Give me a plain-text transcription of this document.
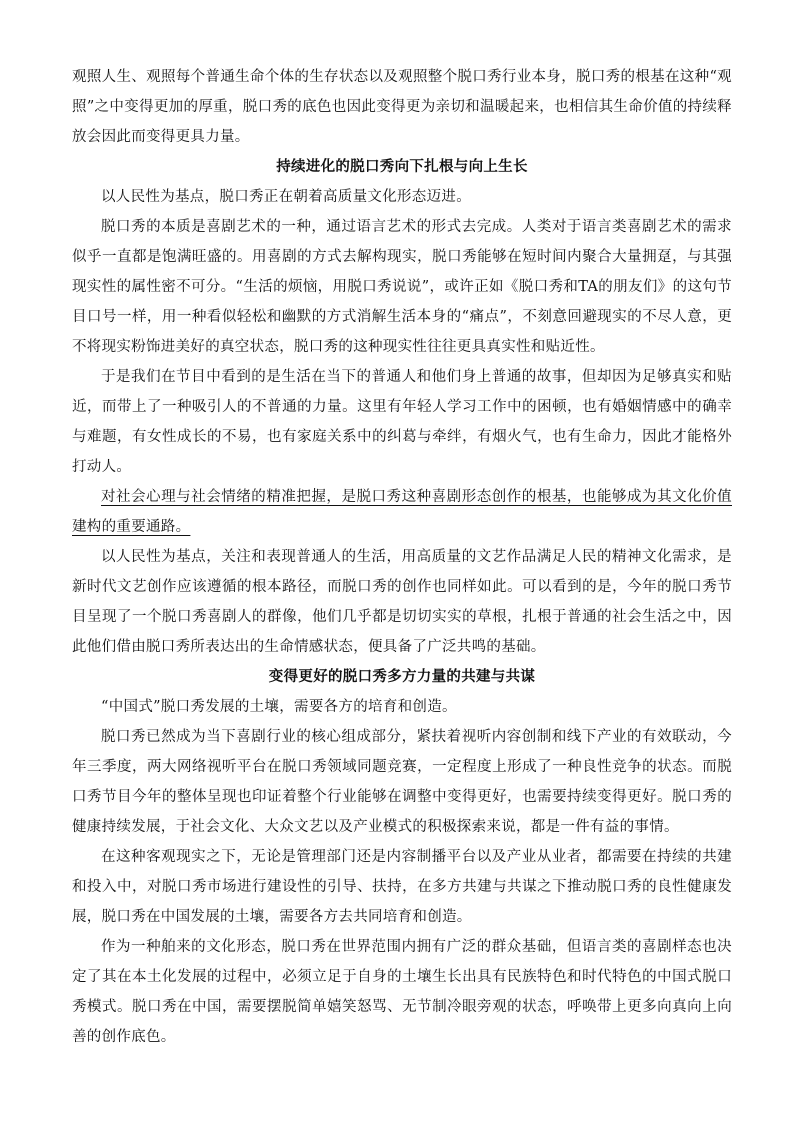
观照人生、观照每个普通生命个体的生存状态以及观照整个脱口秀行业本身，脱口秀的根基在这种“观照”之中变得更加的厚重，脱口秀的底色也因此变得更为亲切和温暖起来，也相信其生命价值的持续释放会因此而变得更具力量。

持续进化的脱口秀向下扎根与向上生长

以人民性为基点，脱口秀正在朝着高质量文化形态迈进。

脱口秀的本质是喜剧艺术的一种，通过语言艺术的形式去完成。人类对于语言类喜剧艺术的需求似乎一直都是饱满旺盛的。用喜剧的方式去解构现实，脱口秀能够在短时间内聚合大量拥趸，与其强现实性的属性密不可分。“生活的烦恼，用脱口秀说说”，或许正如《脱口秀和TA的朋友们》的这句节目口号一样，用一种看似轻松和幽默的方式消解生活本身的“痛点”，不刻意回避现实的不尽人意，更不将现实粉饰进美好的真空状态，脱口秀的这种现实性往往更具真实性和贴近性。

于是我们在节目中看到的是生活在当下的普通人和他们身上普通的故事，但却因为足够真实和贴近，而带上了一种吸引人的不普通的力量。这里有年轻人学习工作中的困顿，也有婚姻情感中的确幸与难题，有女性成长的不易，也有家庭关系中的纠葛与牵绊，有烟火气，也有生命力，因此才能格外打动人。

对社会心理与社会情绪的精准把握，是脱口秀这种喜剧形态创作的根基，也能够成为其文化价值建构的重要通路。

以人民性为基点，关注和表现普通人的生活，用高质量的文艺作品满足人民的精神文化需求，是新时代文艺创作应该遵循的根本路径，而脱口秀的创作也同样如此。可以看到的是，今年的脱口秀节目呈现了一个脱口秀喜剧人的群像，他们几乎都是切切实实的草根，扎根于普通的社会生活之中，因此他们借由脱口秀所表达出的生命情感状态，便具备了广泛共鸣的基础。

变得更好的脱口秀多方力量的共建与共谋

“中国式”脱口秀发展的土壤，需要各方的培育和创造。

脱口秀已然成为当下喜剧行业的核心组成部分，紧扶着视听内容创制和线下产业的有效联动，今年三季度，两大网络视听平台在脱口秀领域同题竞赛，一定程度上形成了一种良性竞争的状态。而脱口秀节目今年的整体呈现也印证着整个行业能够在调整中变得更好，也需要持续变得更好。脱口秀的健康持续发展，于社会文化、大众文艺以及产业模式的积极探索来说，都是一件有益的事情。

在这种客观现实之下，无论是管理部门还是内容制播平台以及产业从业者，都需要在持续的共建和投入中，对脱口秀市场进行建设性的引导、扶持，在多方共建与共谋之下推动脱口秀的良性健康发展，脱口秀在中国发展的土壤，需要各方去共同培育和创造。

作为一种舶来的文化形态，脱口秀在世界范围内拥有广泛的群众基础，但语言类的喜剧样态也决定了其在本土化发展的过程中，必须立足于自身的土壤生长出具有民族特色和时代特色的中国式脱口秀模式。脱口秀在中国，需要摆脱简单嬉笑怒骂、无节制冷眼旁观的状态，呼唤带上更多向真向上向善的创作底色。
